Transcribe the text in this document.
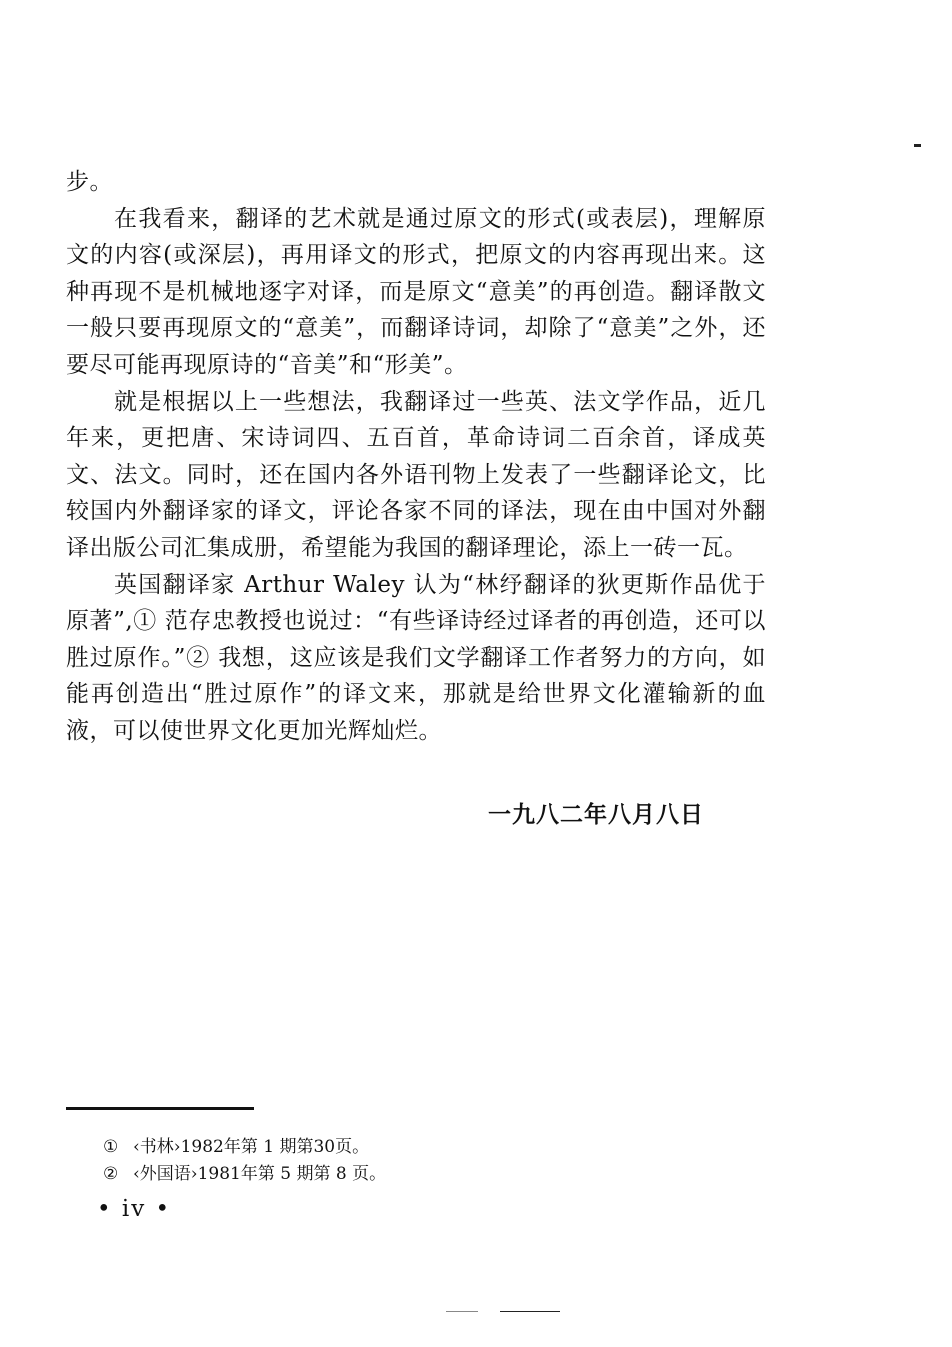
步。

在我看来，翻译的艺术就是通过原文的形式(或表层)，理解原文的内容(或深层)，再用译文的形式，把原文的内容再现出来。这种再现不是机械地逐字对译，而是原文“意美”的再创造。翻译散文一般只要再现原文的“意美”，而翻译诗词，却除了“意美”之外，还要尽可能再现原诗的“音美”和“形美”。

就是根据以上一些想法，我翻译过一些英、法文学作品，近几年来，更把唐、宋诗词四、五百首，革命诗词二百余首，译成英文、法文。同时，还在国内各外语刊物上发表了一些翻译论文，比较国内外翻译家的译文，评论各家不同的译法，现在由中国对外翻译出版公司汇集成册，希望能为我国的翻译理论，添上一砖一瓦。

英国翻译家 Arthur Waley 认为“林纾翻译的狄更斯作品优于原著”,① 范存忠教授也说过：“有些译诗经过译者的再创造，还可以胜过原作。”② 我想，这应该是我们文学翻译工作者努力的方向，如能再创造出“胜过原作”的译文来，那就是给世界文化灌输新的血液，可以使世界文化更加光辉灿烂。

一九八二年八月八日
① ‹书林›1982年第 1 期第30页。
② ‹外国语›1981年第 5 期第 8 页。
• iv •
